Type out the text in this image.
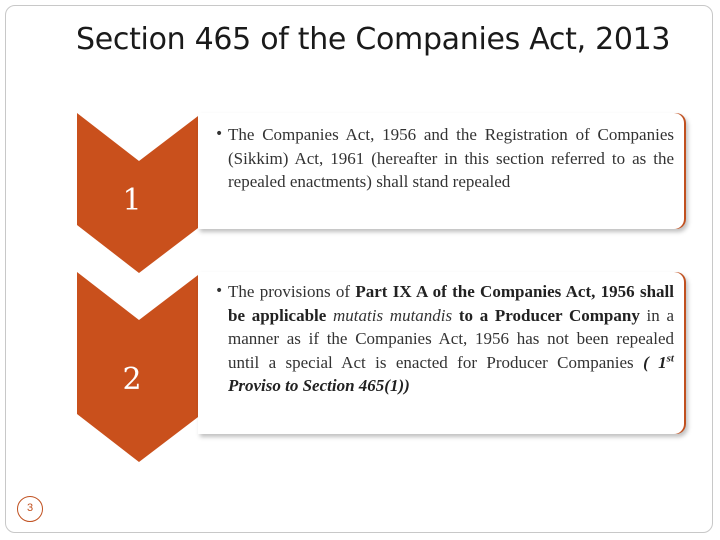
Section 465 of the Companies Act, 2013
1
• The Companies Act, 1956 and the Registration of Companies (Sikkim) Act, 1961 (hereafter in this section referred to as the repealed enactments) shall stand repealed
2
• The provisions of Part IX A of the Companies Act, 1956 shall be applicable mutatis mutandis to a Producer Company in a manner as if the Companies Act, 1956 has not been repealed until a special Act is enacted for Producer Companies ( 1st Proviso to Section 465(1))
3
